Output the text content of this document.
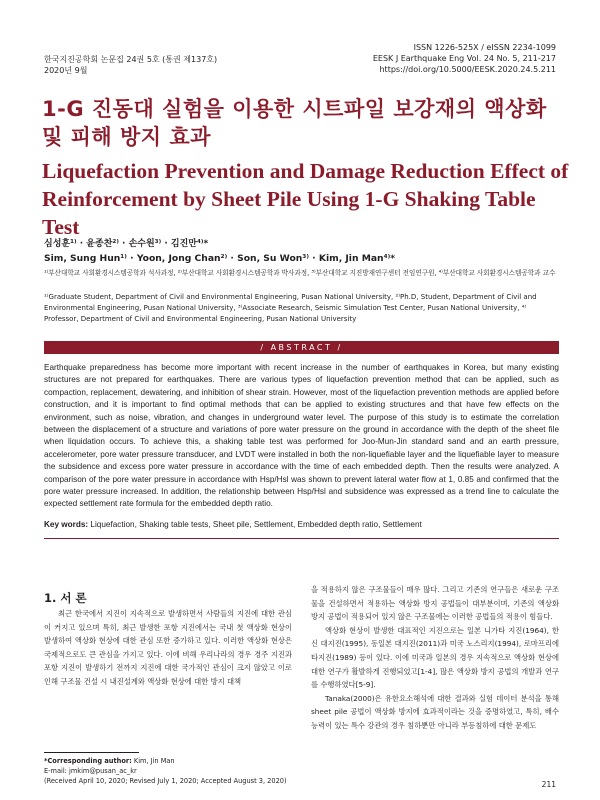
한국지진공학회 논문집 24권 5호 (통권 제137호)
2020년 9월
ISSN 1226-525X / eISSN 2234-1099
EESK J Earthquake Eng Vol. 24 No. 5, 211-217
https://doi.org/10.5000/EESK.2020.24.5.211
1-G 진동대 실험을 이용한 시트파일 보강재의 액상화 및 피해 방지 효과
Liquefaction Prevention and Damage Reduction Effect of Reinforcement by Sheet Pile Using 1-G Shaking Table Test
심성훈¹⁾ · 윤종찬²⁾ · 손수원³⁾ · 김진만⁴⁾*
Sim, Sung Hun¹⁾ · Yoon, Jong Chan²⁾ · Son, Su Won³⁾ · Kim, Jin Man⁴⁾*
¹⁾부산대학교 사회환경시스템공학과 석사과정, ²⁾부산대학교 사회환경시스템공학과 박사과정, ³⁾부산대학교 지진방재연구센터 전임연구원, ⁴⁾부산대학교 사회환경시스템공학과 교수
¹⁾Graduate Student, Department of Civil and Environmental Engineering, Pusan National University, ²⁾Ph.D, Student, Department of Civil and Environmental Engineering, Pusan National University, ³⁾Associate Research, Seismic Simulation Test Center, Pusan National University, ⁴⁾Professor, Department of Civil and Environmental Engineering, Pusan National University
/ ABSTRACT /

Earthquake preparedness has become more important with recent increase in the number of earthquakes in Korea, but many existing structures are not prepared for earthquakes. There are various types of liquefaction prevention method that can be applied, such as compaction, replacement, dewatering, and inhibition of shear strain. However, most of the liquefaction prevention methods are applied before construction, and it is important to find optimal methods that can be applied to existing structures and that have few effects on the environment, such as noise, vibration, and changes in underground water level. The purpose of this study is to estimate the correlation between the displacement of a structure and variations of pore water pressure on the ground in accordance with the depth of the sheet file when liquidation occurs. To achieve this, a shaking table test was performed for Joo-Mun-Jin standard sand and an earth pressure, accelerometer, pore water pressure transducer, and LVDT were installed in both the non-liquefiable layer and the liquefiable layer to measure the subsidence and excess pore water pressure in accordance with the time of each embedded depth. Then the results were analyzed. A comparison of the pore water pressure in accordance with Hsp/Hsl was shown to prevent lateral water flow at 1, 0.85 and confirmed that the pore water pressure increased. In addition, the relationship between Hsp/Hsl and subsidence was expressed as a trend line to calculate the expected settlement rate formula for the embedded depth ratio.

Key words: Liquefaction, Shaking table tests, Sheet pile, Settlement, Embedded depth ratio, Settlement
1. 서 론

최근 한국에서 지진이 지속적으로 발생하면서 사람들의 지진에 대한 관심이 커지고 있으며 특히, 최근 발생한 포항 지진에서는 국내 첫 액상화 현상이 발생하여 액상화 현상에 대한 관심 또한 증가하고 있다. 이러한 액상화 현상은 국제적으로도 큰 관심을 가지고 있다. 이에 비해 우리나라의 경우 경주 지진과 포항 지진이 발생하기 전까지 지진에 대한 국가적인 관심이 크지 않았고 이로 인해 구조물 건설 시 내진설계와 액상화 현상에 대한 방지 대책

을 적용하지 않은 구조물들이 매우 많다. 그리고 기존의 연구들은 새로운 구조물을 건설하면서 적용하는 액상화 방지 공법들이 대부분이며, 기존의 액상화 방지 공법이 적용되어 있지 않은 구조물에는 이러한 공법들의 적용이 힘들다.

액상화 현상이 발생한 대표적인 지진으로는 일본 니가타 지진(1964), 한신 대지진(1995), 동일본 대지진(2011)과 미국 노스리지(1994), 로마프리에타지진(1989) 등이 있다. 이에 미국과 일본의 경우 지속적으로 액상화 현상에 대한 연구가 활발하게 진행되었고[1-4], 많은 액상화 방지 공법의 개발과 연구를 수행하였다[5-9].

Tanaka(2000)은 유한요소해석에 대한 결과와 실험 데이터 분석을 통해 sheet pile 공법이 액상화 방지에 효과적이라는 것을 증명하였고, 특히, 배수 능력이 있는 특수 강관의 경우 침하뿐만 아니라 부등침하에 대한 문제도

*Corresponding author: Kim, Jin Man
E-mail: jmkim@pusan_ac_kr
(Received April 10, 2020; Revised July 1, 2020; Accepted August 3, 2020)	211
